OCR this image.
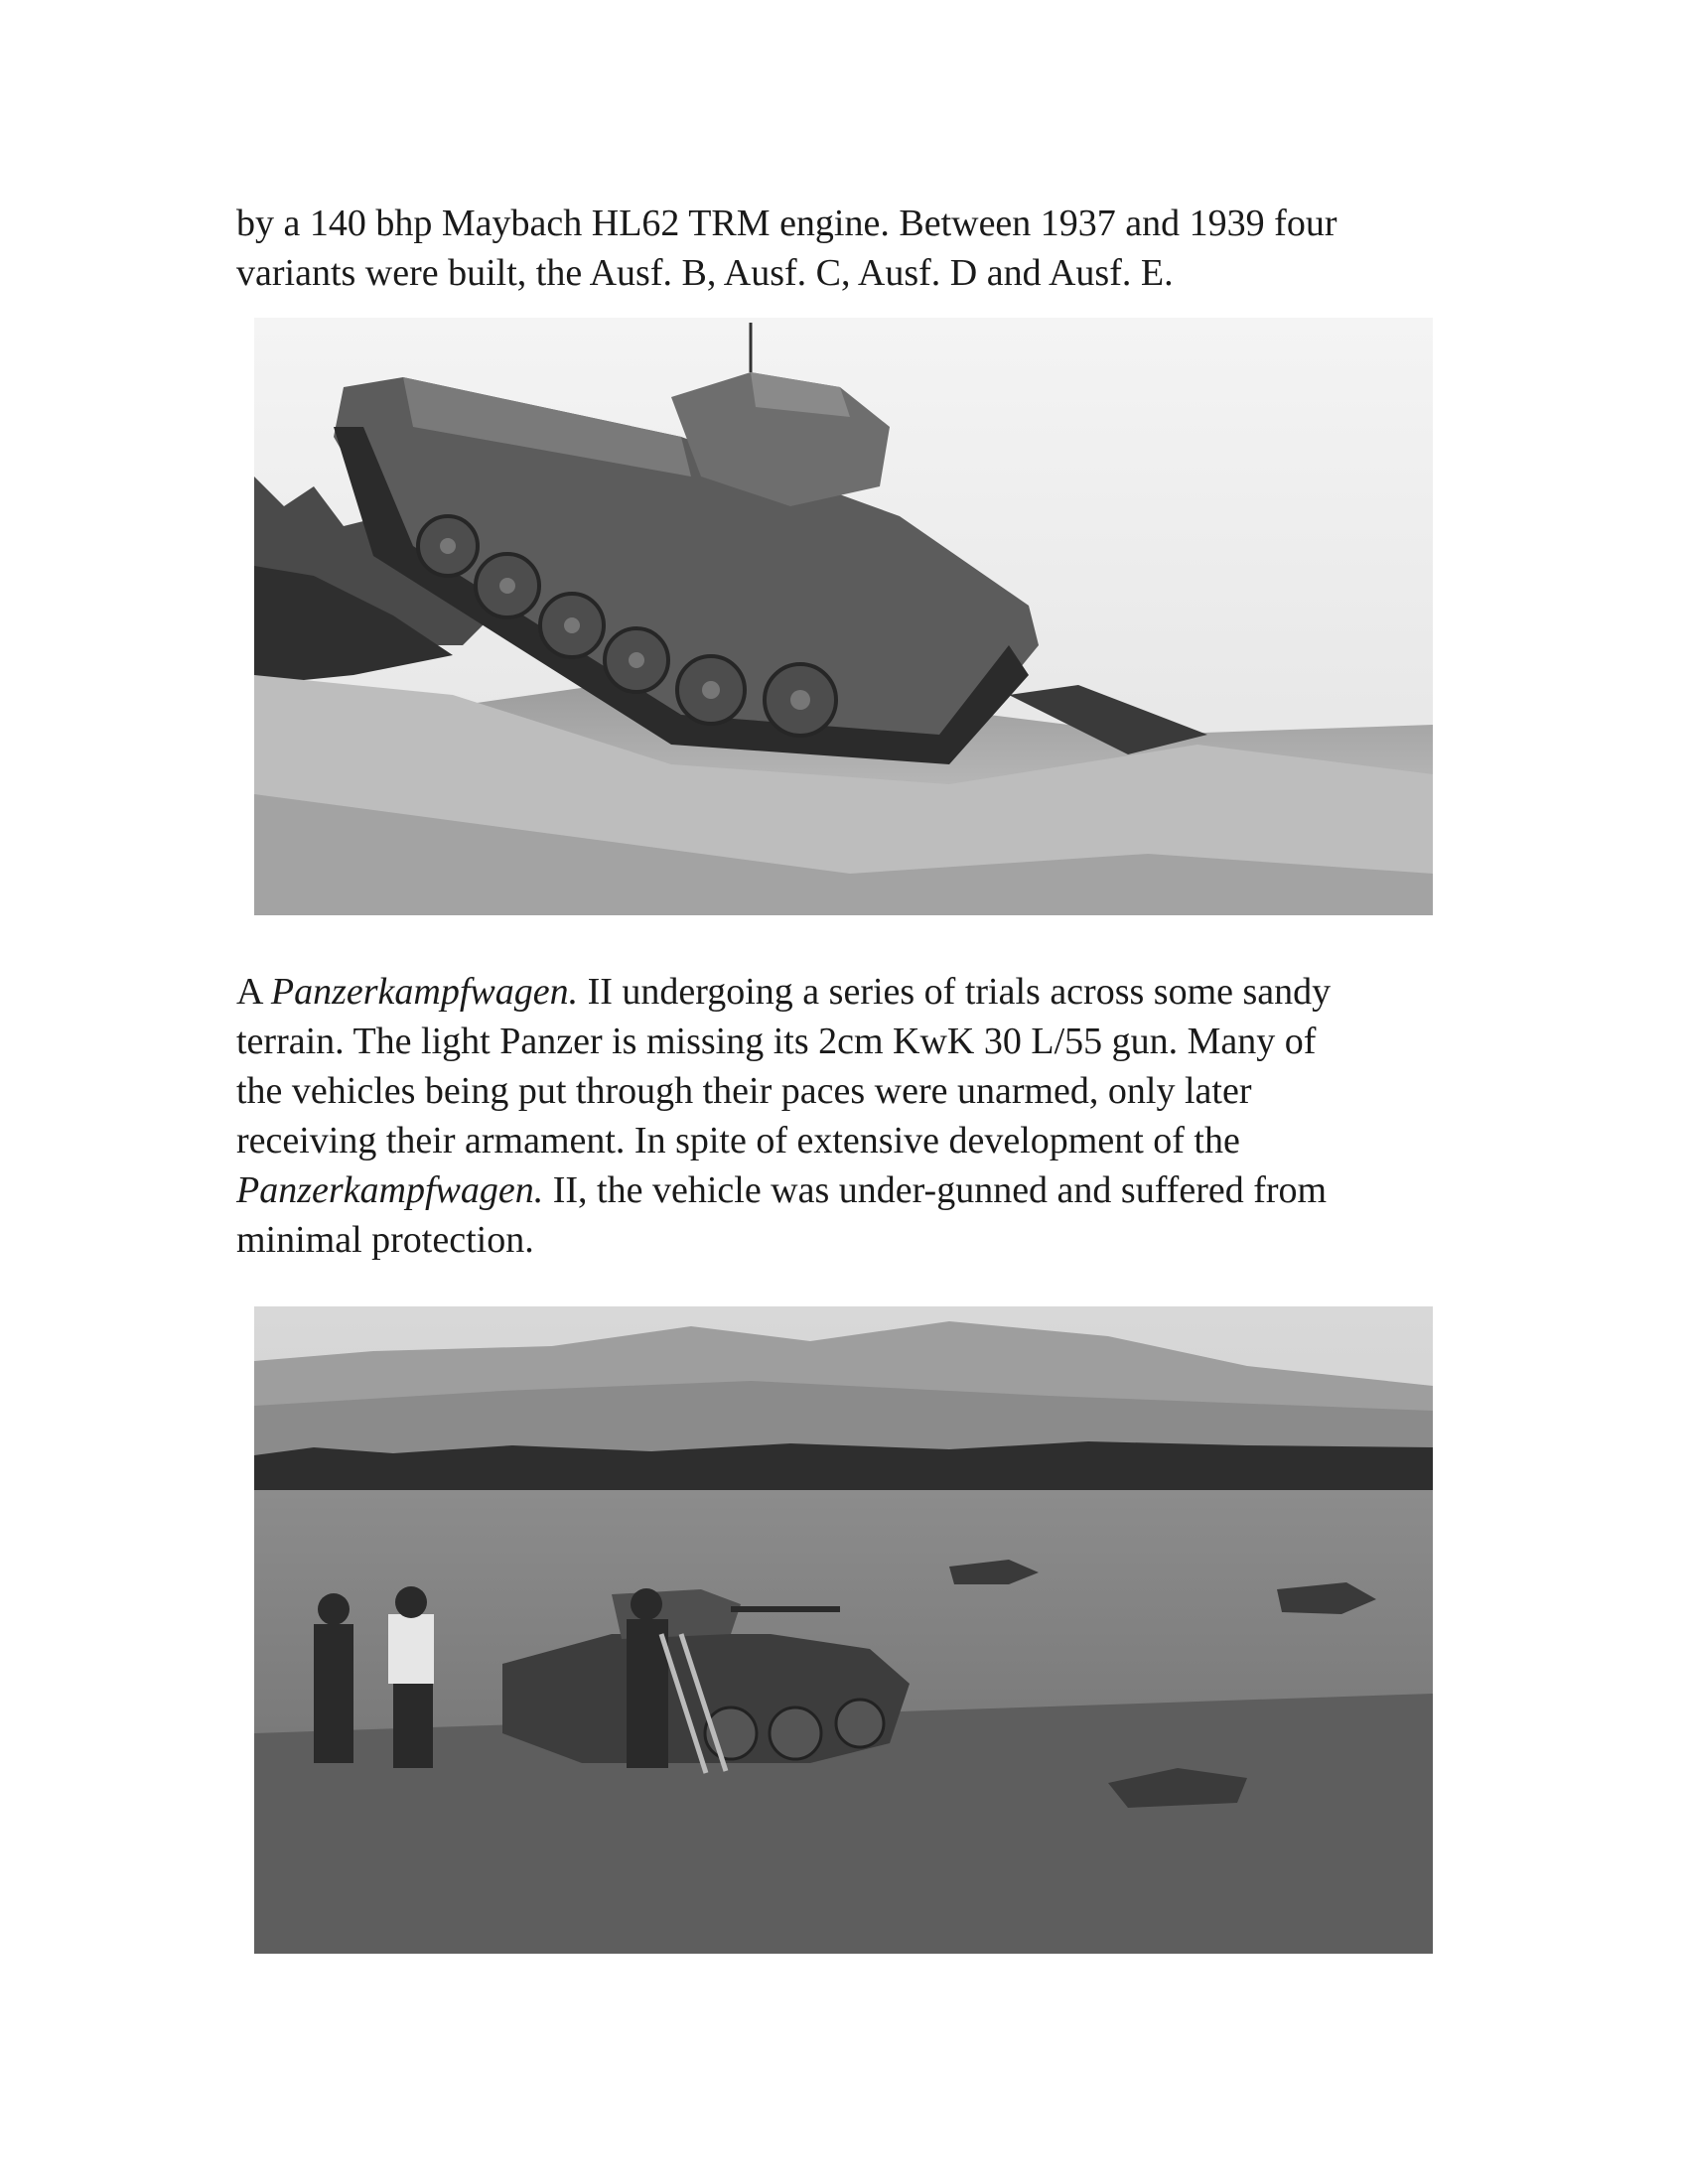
by a 140 bhp Maybach HL62 TRM engine. Between 1937 and 1939 four
variants were built, the Ausf. B, Ausf. C, Ausf. D and Ausf. E.

A Panzerkampfwagen. II undergoing a series of trials across some sandy
terrain. The light Panzer is missing its 2cm KwK 30 L/55 gun. Many of
the vehicles being put through their paces were unarmed, only later
receiving their armament. In spite of extensive development of the
Panzerkampfwagen. II, the vehicle was under-gunned and suffered from
minimal protection.
